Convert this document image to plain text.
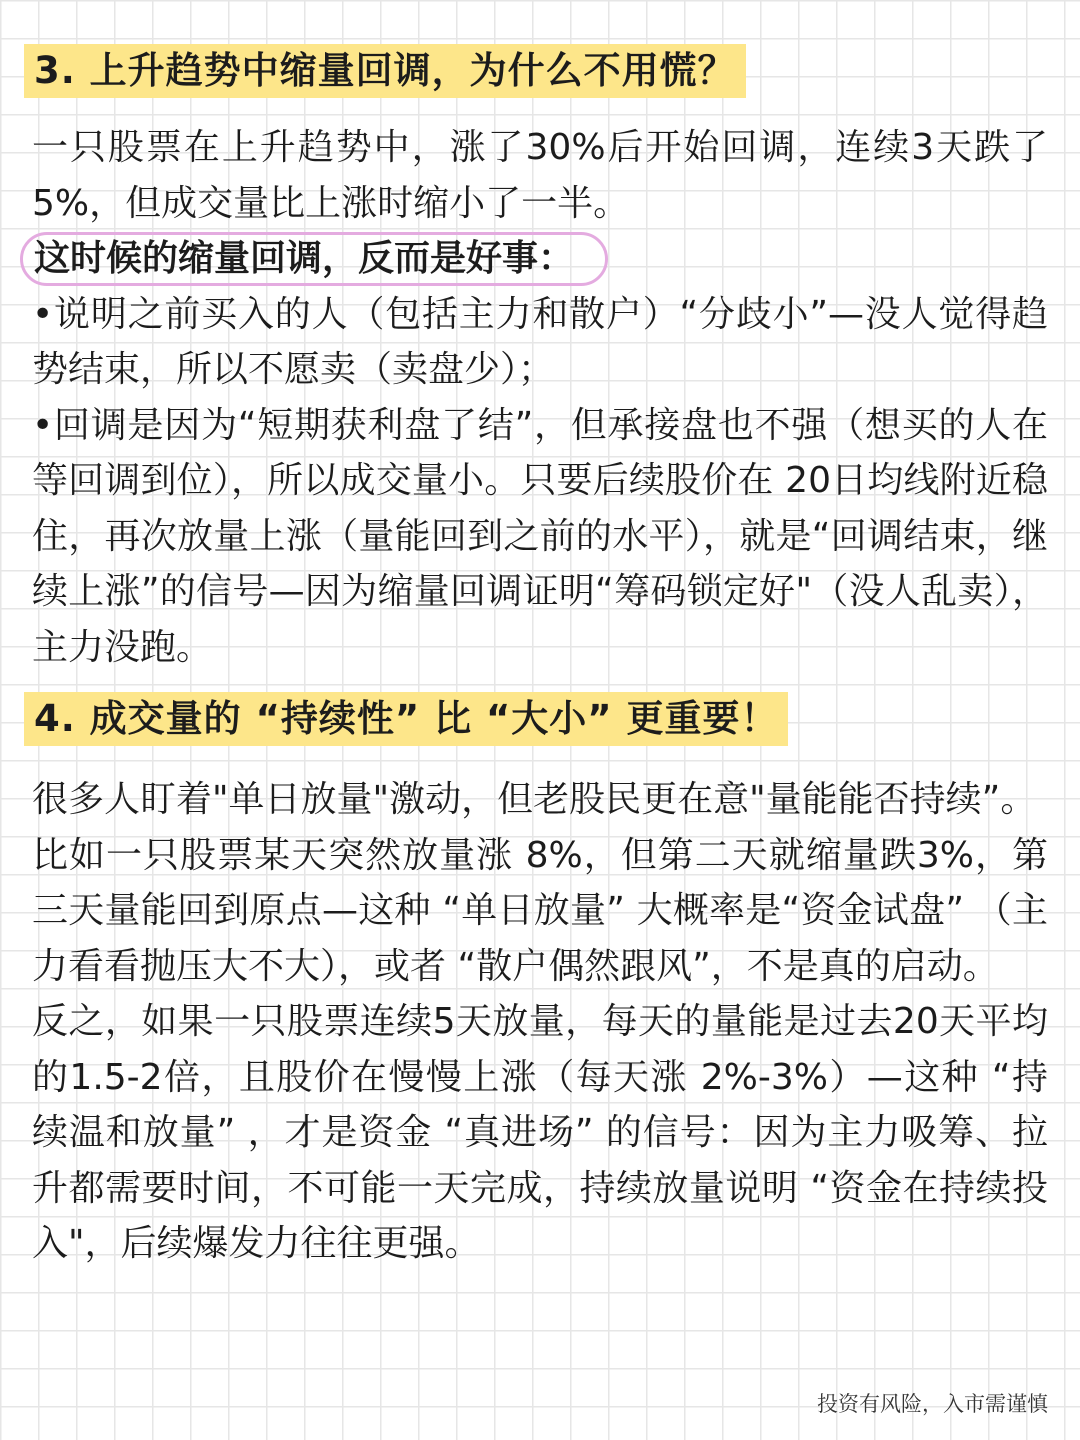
3. 上升趋势中缩量回调，为什么不用慌？

一只股票在上升趋势中，涨了30%后开始回调，连续3天跌了5%，但成交量比上涨时缩小了一半。

这时候的缩量回调，反而是好事：

•说明之前买入的人（包括主力和散户）“分歧小”—没人觉得趋势结束，所以不愿卖（卖盘少）；

•回调是因为“短期获利盘了结”，但承接盘也不强（想买的人在等回调到位），所以成交量小。只要后续股价在 20日均线附近稳住，再次放量上涨（量能回到之前的水平），就是“回调结束，继续上涨”的信号—因为缩量回调证明“筹码锁定好"（没人乱卖），主力没跑。

4. 成交量的 “持续性” 比 “大小” 更重要！

很多人盯着"单日放量"激动，但老股民更在意"量能能否持续”。

比如一只股票某天突然放量涨 8%，但第二天就缩量跌3%，第三天量能回到原点—这种 “单日放量” 大概率是“资金试盘” （主力看看抛压大不大），或者 “散户偶然跟风”，不是真的启动。

反之，如果一只股票连续5天放量，每天的量能是过去20天平均的1.5-2倍，且股价在慢慢上涨（每天涨 2%-3%）—这种 “持续温和放量” ，才是资金 “真进场” 的信号：因为主力吸筹、拉升都需要时间，不可能一天完成，持续放量说明 “资金在持续投入"，后续爆发力往往更强。

投资有风险，入市需谨慎
